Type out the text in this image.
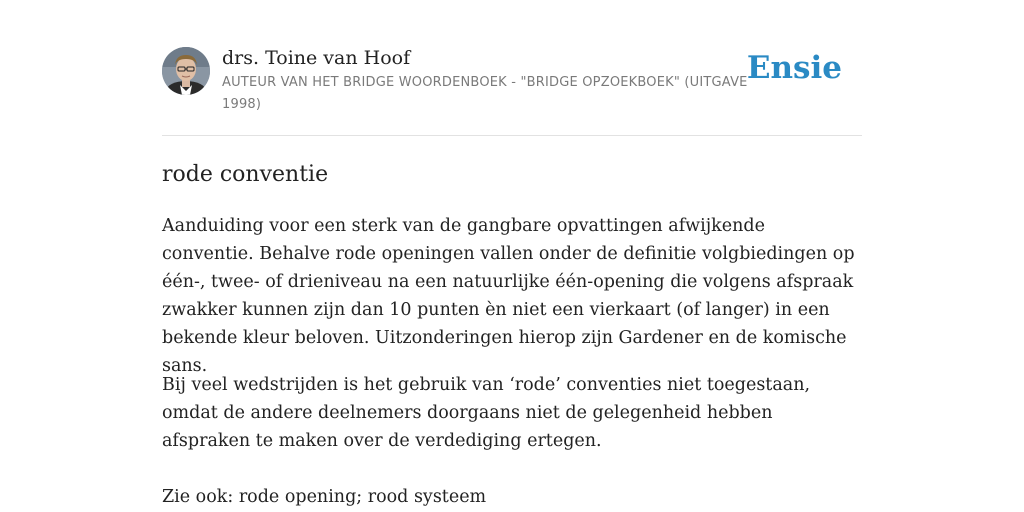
drs. Toine van Hoof
AUTEUR VAN HET BRIDGE WOORDENBOEK - "BRIDGE OPZOEKBOEK" (UITGAVE 1998)
Ensie
rode conventie

Aanduiding voor een sterk van de gangbare opvattingen afwijkende conventie. Behalve rode openingen vallen onder de definitie volgbiedingen op één-, twee- of drieniveau na een natuurlijke één-opening die volgens afspraak zwakker kunnen zijn dan 10 punten èn niet een vierkaart (of langer) in een bekende kleur beloven. Uitzonderingen hierop zijn Gardener en de komische sans.

Bij veel wedstrijden is het gebruik van ‘rode’ conventies niet toegestaan, omdat de andere deelnemers doorgaans niet de gelegenheid hebben afspraken te maken over de verdediging ertegen.

Zie ook: rode opening; rood systeem
